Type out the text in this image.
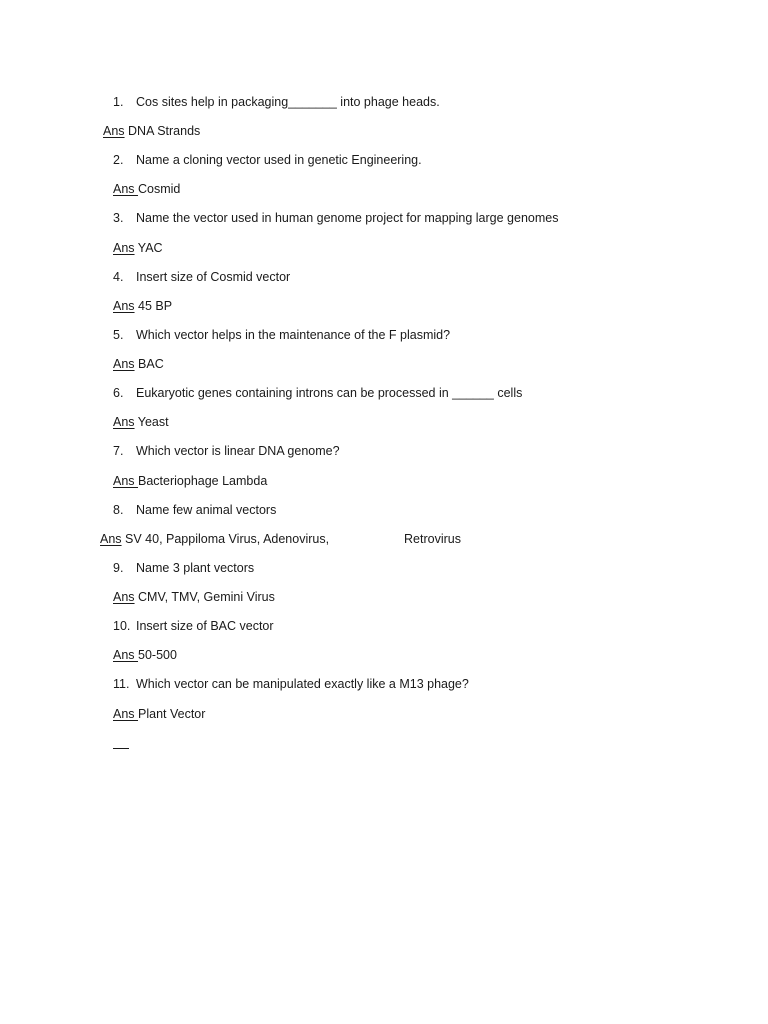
1. Cos sites help in packaging_______ into phage heads.
Ans DNA Strands
2. Name a cloning vector used in genetic Engineering.
Ans Cosmid
3. Name the vector used in human genome project for mapping large genomes
Ans YAC
4. Insert size of Cosmid vector
Ans 45 BP
5. Which vector helps in the maintenance of the F plasmid?
Ans BAC
6. Eukaryotic genes containing introns can be processed in ______ cells
Ans Yeast
7. Which vector is linear DNA genome?
Ans Bacteriophage Lambda
8. Name few animal vectors
Ans SV 40, Pappiloma Virus, Adenovirus,	Retrovirus
9. Name 3 plant vectors
Ans CMV, TMV, Gemini Virus
10. Insert size of BAC vector
Ans 50-500
11. Which vector can be manipulated exactly like a M13 phage?
Ans Plant Vector
